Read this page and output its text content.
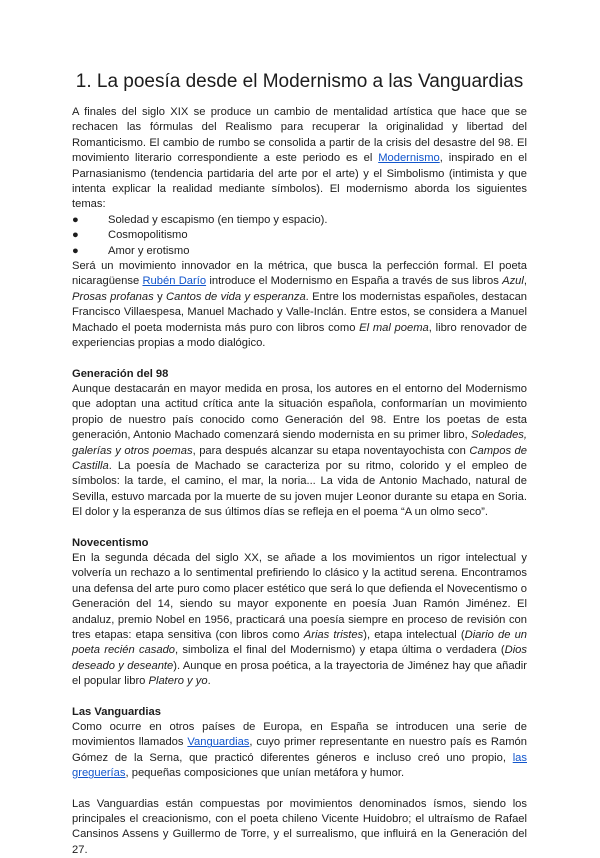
1. La poesía desde el Modernismo a las Vanguardias

A finales del siglo XIX se produce un cambio de mentalidad artística que hace que se rechacen las fórmulas del Realismo para recuperar la originalidad y libertad del Romanticismo. El cambio de rumbo se consolida a partir de la crisis del desastre del 98. El movimiento literario correspondiente a este periodo es el Modernismo, inspirado en el Parnasianismo (tendencia partidaria del arte por el arte) y el Simbolismo (intimista y que intenta explicar la realidad mediante símbolos). El modernismo aborda los siguientes temas:

●	Soledad y escapismo (en tiempo y espacio).
●	Cosmopolitismo
●	Amor y erotismo

Será un movimiento innovador en la métrica, que busca la perfección formal. El poeta nicaragüense Rubén Darío introduce el Modernismo en España a través de sus libros Azul, Prosas profanas y Cantos de vida y esperanza. Entre los modernistas españoles, destacan Francisco Villaespesa, Manuel Machado y Valle-Inclán. Entre estos, se considera a Manuel Machado el poeta modernista más puro con libros como El mal poema, libro renovador de experiencias propias a modo dialógico.

Generación del 98

Aunque destacarán en mayor medida en prosa, los autores en el entorno del Modernismo que adoptan una actitud crítica ante la situación española, conformarían un movimiento propio de nuestro país conocido como Generación del 98. Entre los poetas de esta generación, Antonio Machado comenzará siendo modernista en su primer libro, Soledades, galerías y otros poemas, para después alcanzar su etapa noventayochista con Campos de Castilla. La poesía de Machado se caracteriza por su ritmo, colorido y el empleo de símbolos: la tarde, el camino, el mar, la noria... La vida de Antonio Machado, natural de Sevilla, estuvo marcada por la muerte de su joven mujer Leonor durante su etapa en Soria. El dolor y la esperanza de sus últimos días se refleja en el poema “A un olmo seco”.

Novecentismo

En la segunda década del siglo XX, se añade a los movimientos un rigor intelectual y volvería un rechazo a lo sentimental prefiriendo lo clásico y la actitud serena. Encontramos una defensa del arte puro como placer estético que será lo que defienda el Novecentismo o Generación del 14, siendo su mayor exponente en poesía Juan Ramón Jiménez. El andaluz, premio Nobel en 1956, practicará una poesía siempre en proceso de revisión con tres etapas: etapa sensitiva (con libros como Arias tristes), etapa intelectual (Diario de un poeta recién casado, simboliza el final del Modernismo) y etapa última o verdadera (Dios deseado y deseante). Aunque en prosa poética, a la trayectoria de Jiménez hay que añadir el popular libro Platero y yo.

Las Vanguardias

Como ocurre en otros países de Europa, en España se introducen una serie de movimientos llamados Vanguardias, cuyo primer representante en nuestro país es Ramón Gómez de la Serna, que practicó diferentes géneros e incluso creó uno propio, las greguerías, pequeñas composiciones que unían metáfora y humor.

Las Vanguardias están compuestas por movimientos denominados ísmos, siendo los principales el creacionismo, con el poeta chileno Vicente Huidobro; el ultraísmo de Rafael Cansinos Assens y Guillermo de Torre, y el surrealismo, que influirá en la Generación del 27.
